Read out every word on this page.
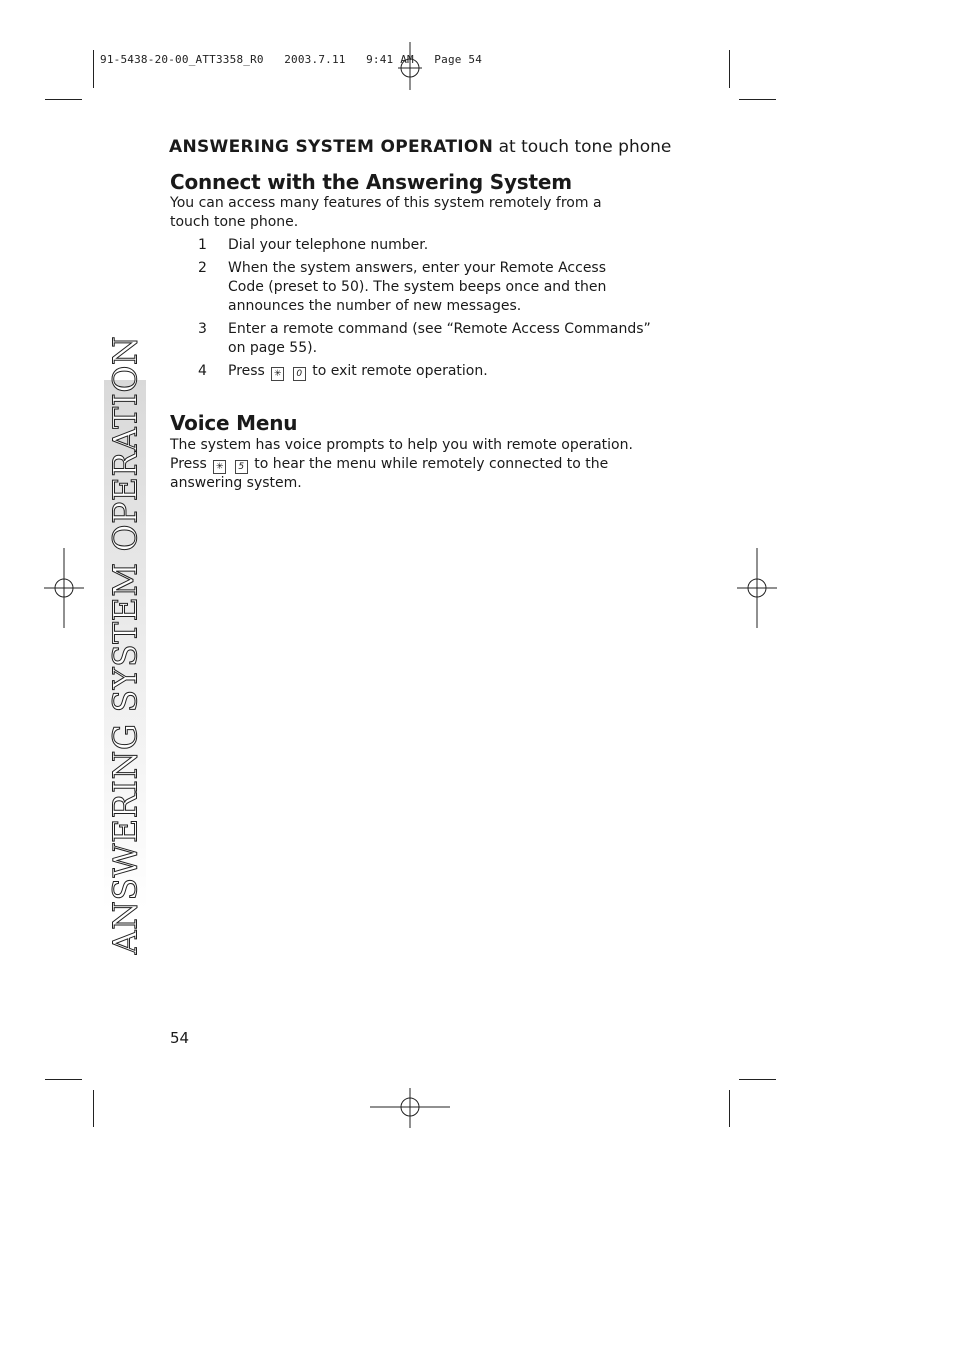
91-5438-20-00_ATT3358_R0   2003.7.11   9:41 AM   Page 54
ANSWERING SYSTEM OPERATION at touch tone phone
Connect with the Answering System

You can access many features of this system remotely from a touch tone phone.

1	Dial your telephone number.
2	When the system answers, enter your Remote Access Code (preset to 50). The system beeps once and then announces the number of new messages.
3	Enter a remote command (see “Remote Access Commands” on page 55).
4	Press ✳ 0 to exit remote operation.
Voice Menu

The system has voice prompts to help you with remote operation.
Press ✳ 5 to hear the menu while remotely connected to the answering system.

ANSWERING SYSTEM OPERATION
54
